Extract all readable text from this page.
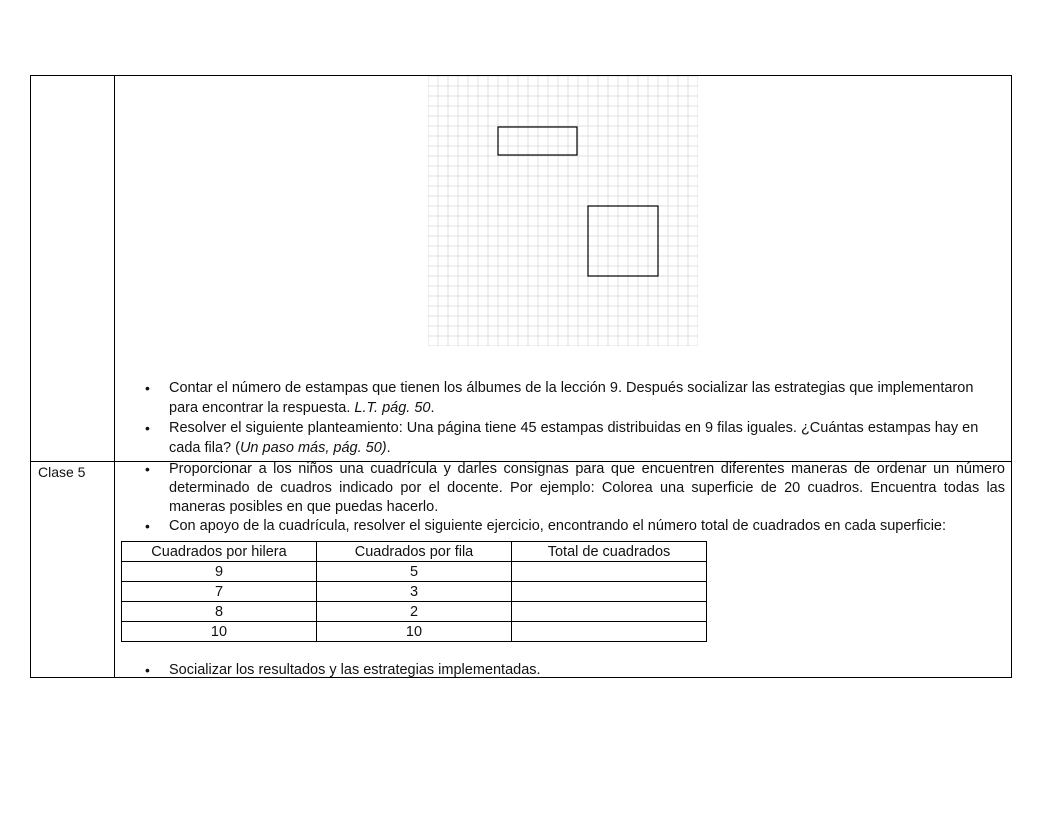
• Contar el número de estampas que tienen los álbumes de la lección 9. Después socializar las estrategias que implementaron para encontrar la respuesta. L.T. pág. 50.
• Resolver el siguiente planteamiento: Una página tiene 45 estampas distribuidas en 9 filas iguales. ¿Cuántas estampas hay en cada fila? (Un paso más, pág. 50).
Clase 5	• Proporcionar a los niños una cuadrícula y darles consignas para que encuentren diferentes maneras de ordenar un número determinado de cuadros indicado por el docente. Por ejemplo: Colorea una superficie de 20 cuadros. Encuentra todas las maneras posibles en que puedas hacerlo.
• Con apoyo de la cuadrícula, resolver el siguiente ejercicio, encontrando el número total de cuadrados en cada superficie:
Cuadrados por hilera	Cuadrados por fila	Total de cuadrados
9	5	
7	3	
8	2	
10	10	
• Socializar los resultados y las estrategias implementadas.
